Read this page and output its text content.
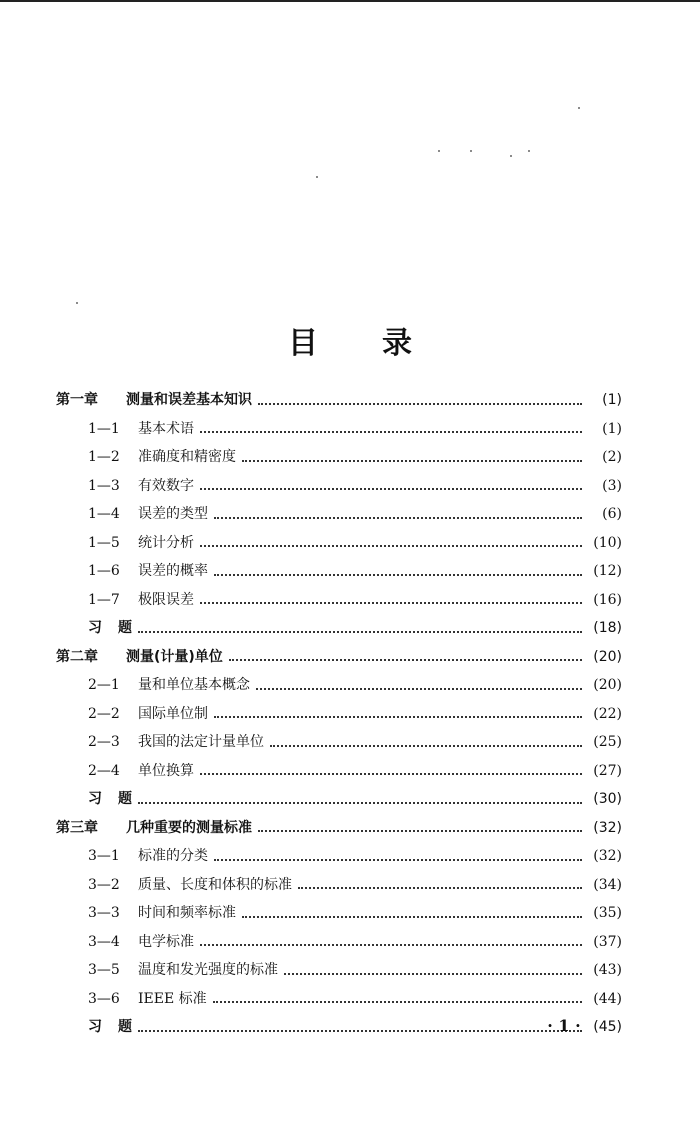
目 录
第一章	测量和误差基本知识	(1)
1—1	基本术语	(1)
1—2	准确度和精密度	(2)
1—3	有效数字	(3)
1—4	误差的类型	(6)
1—5	统计分析	(10)
1—6	误差的概率	(12)
1—7	极限误差	(16)
习	题	(18)
第二章	测量(计量)单位	(20)
2—1	量和单位基本概念	(20)
2—2	国际单位制	(22)
2—3	我国的法定计量单位	(25)
2—4	单位换算	(27)
习	题	(30)
第三章	几种重要的测量标准	(32)
3—1	标准的分类	(32)
3—2	质量、长度和体积的标准	(34)
3—3	时间和频率标准	(35)
3—4	电学标准	(37)
3—5	温度和发光强度的标准	(43)
3—6	IEEE 标准	(44)
习	题	(45)
· 1 ·
